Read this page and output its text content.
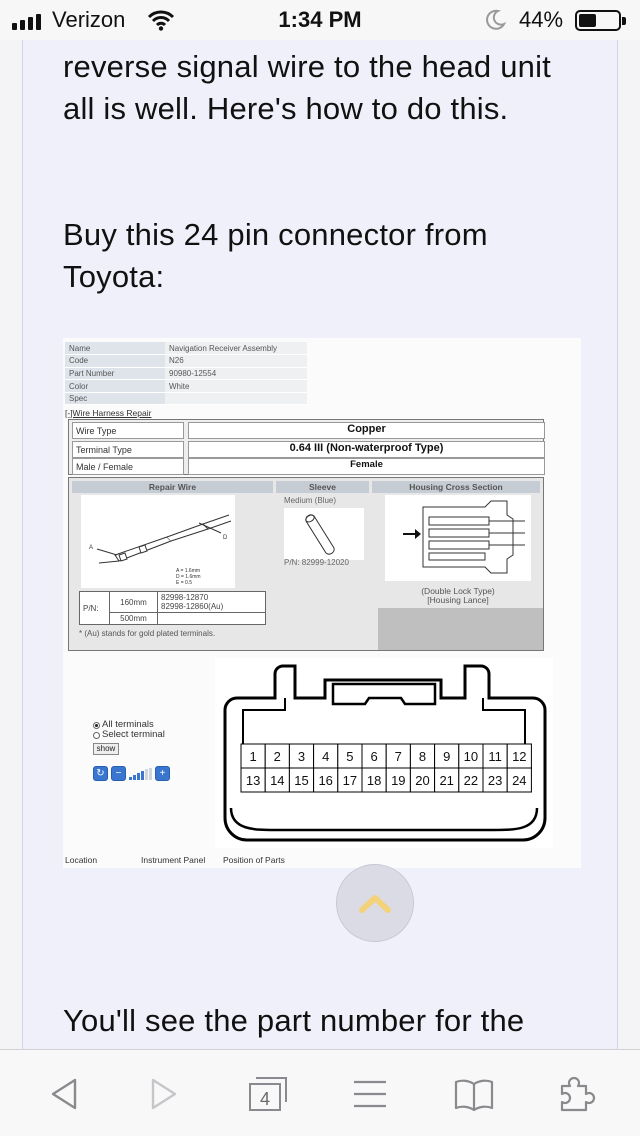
Verizon	1:34 PM	44%

reverse signal wire to the head unit all is well. Here's how to do this.

Buy this 24 pin connector from Toyota:

Name	Navigation Receiver Assembly
Code	N26
Part Number	90980-12554
Color	White
Spec	
[-]Wire Harness Repair
Wire Type	Copper
Terminal Type	0.64 III (Non-waterproof Type)
Male / Female	Female
Repair Wire	Sleeve	Housing Cross Section
A
D
A = 1.6mm
D = 1.6mm
E = 0.5
P/N:	160mm	82998-12870
82998-12860(Au)
	500mm	
* (Au) stands for gold plated terminals.
Medium (Blue)
P/N: 82999-12020
(Double Lock Type)
[Housing Lance]
1 2 3 4 5 6 7 8 9 10 11 12
13 14 15 16 17 18 19 20 21 22 23 24
All terminals
Select terminal
show
↻	−	+
Location	Instrument Panel Position of Parts

You'll see the part number for the

4
